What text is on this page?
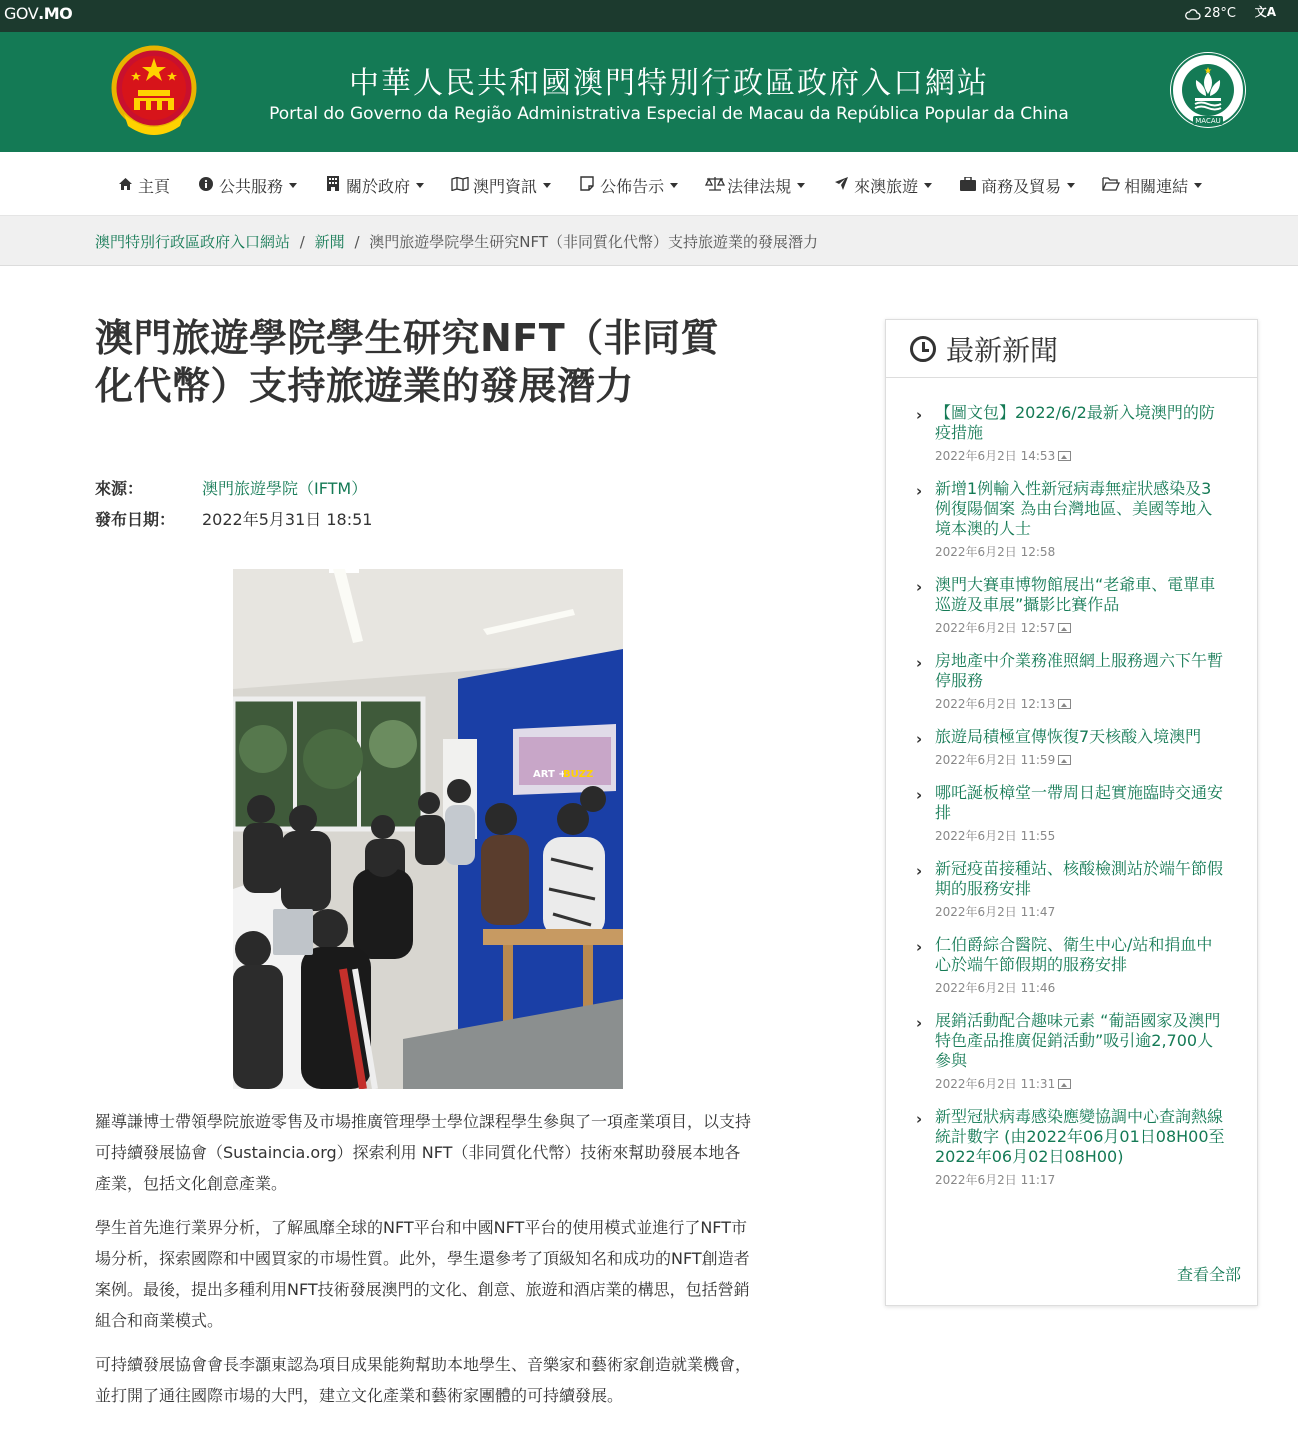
GOV.MO	28°C 文A
中華人民共和國澳門特別行政區政府入口網站
Portal do Governo da Região Administrativa Especial de Macau da República Popular da China	MACAU
主頁	公共服務	關於政府	澳門資訊	公佈告示	法律法規	來澳旅遊	商務及貿易	相關連結
澳門特別行政區政府入口網站 / 新聞 / 澳門旅遊學院學生研究NFT（非同質化代幣）支持旅遊業的發展潛力
澳門旅遊學院學生研究NFT（非同質化代幣）支持旅遊業的發展潛力
來源：	澳門旅遊學院（IFTM）
發布日期：	2022年5月31日 18:51
ART +
BUZZ

羅導謙博士帶領學院旅遊零售及市場推廣管理學士學位課程學生參與了一項產業項目，以支持可持續發展協會（Sustaincia.org）探索利用 NFT（非同質化代幣）技術來幫助發展本地各產業，包括文化創意產業。

學生首先進行業界分析，了解風靡全球的NFT平台和中國NFT平台的使用模式並進行了NFT市場分析，探索國際和中國買家的市場性質。此外，學生還參考了頂級知名和成功的NFT創造者案例。最後，提出多種利用NFT技術發展澳門的文化、創意、旅遊和酒店業的構思，包括營銷組合和商業模式。

可持續發展協會會長李灝東認為項目成果能夠幫助本地學生、音樂家和藝術家創造就業機會，並打開了通往國際市場的大門，建立文化產業和藝術家團體的可持續發展。

最新新聞
› 【圖文包】2022/6/2最新入境澳門的防疫措施
2022年6月2日 14:53
› 新增1例輸入性新冠病毒無症狀感染及3例復陽個案 為由台灣地區、美國等地入境本澳的人士
2022年6月2日 12:58
› 澳門大賽車博物館展出“老爺車、電單車巡遊及車展”攝影比賽作品
2022年6月2日 12:57
› 房地產中介業務准照網上服務週六下午暫停服務
2022年6月2日 12:13
› 旅遊局積極宣傳恢復7天核酸入境澳門
2022年6月2日 11:59
› 哪吒誕板樟堂一帶周日起實施臨時交通安排
2022年6月2日 11:55
› 新冠疫苗接種站、核酸檢測站於端午節假期的服務安排
2022年6月2日 11:47
› 仁伯爵綜合醫院、衛生中心/站和捐血中心於端午節假期的服務安排
2022年6月2日 11:46
› 展銷活動配合趣味元素 “葡語國家及澳門特色產品推廣促銷活動”吸引逾2,700人參與
2022年6月2日 11:31
› 新型冠狀病毒感染應變協調中心查詢熱線統計數字 (由2022年06月01日08H00至2022年06月02日08H00)
2022年6月2日 11:17
查看全部
